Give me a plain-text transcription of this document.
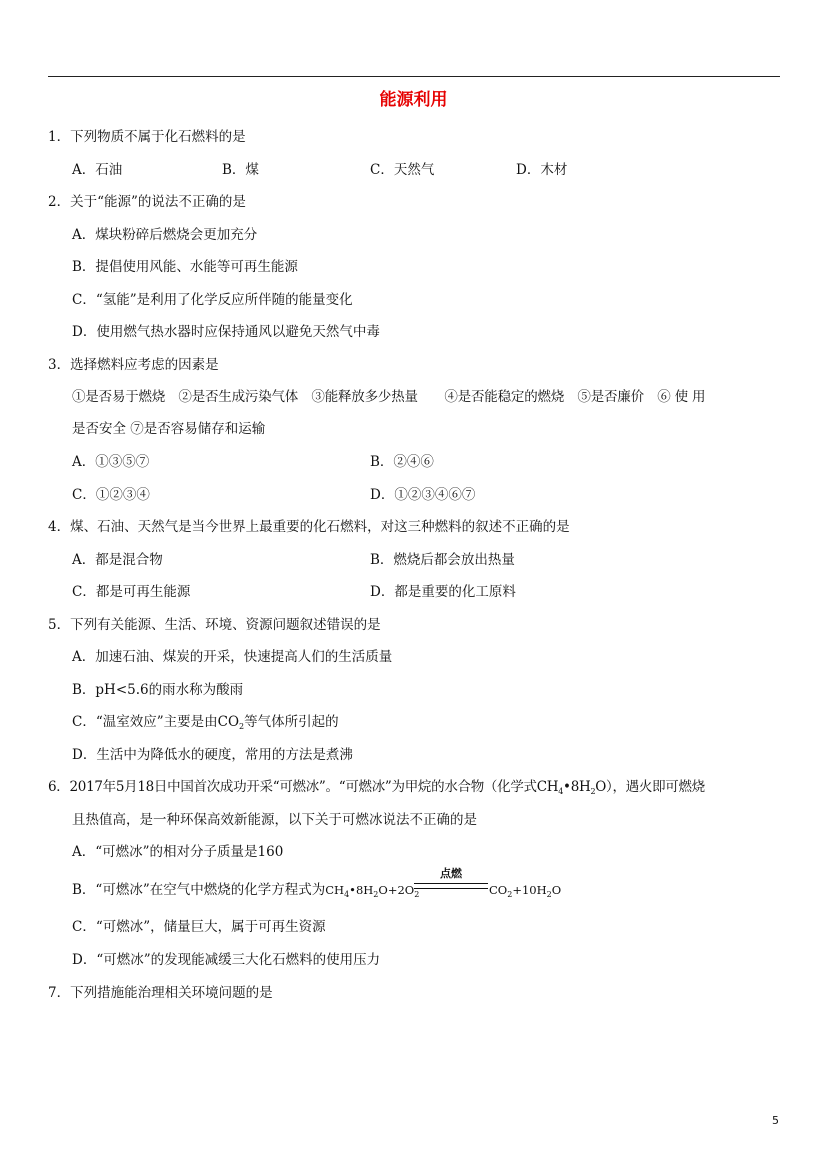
能源利用
1．下列物质不属于化石燃料的是
A．石油	B．煤	C．天然气	D．木材
2．关于“能源”的说法不正确的是
A．煤块粉碎后燃烧会更加充分
B．提倡使用风能、水能等可再生能源
C．“氢能”是利用了化学反应所伴随的能量变化
D．使用燃气热水器时应保持通风以避免天然气中毒
3．选择燃料应考虑的因素是
①是否易于燃烧　②是否生成污染气体　③能释放多少热量　　④是否能稳定的燃烧　⑤是否廉价　⑥ 使 用
是否安全 ⑦是否容易储存和运输
A．①③⑤⑦	B．②④⑥
C．①②③④	D．①②③④⑥⑦
4．煤、石油、天然气是当今世界上最重要的化石燃料，对这三种燃料的叙述不正确的是
A．都是混合物	B．燃烧后都会放出热量
C．都是可再生能源	D．都是重要的化工原料
5．下列有关能源、生活、环境、资源问题叙述错误的是
A．加速石油、煤炭的开采，快速提高人们的生活质量
B．pH<5.6的雨水称为酸雨
C．“温室效应”主要是由$CO_2$等气体所引起的
D．生活中为降低水的硬度，常用的方法是煮沸
6．2017年5月18日中国首次成功开采“可燃冰”。“可燃冰”为甲烷的水合物（化学式$CH_4•8H_2O$），遇火即可燃烧
且热值高，是一种环保高效新能源，以下关于可燃冰说法不正确的是
A．“可燃冰”的相对分子质量是160
B．“可燃冰”在空气中燃烧的化学方程式为$CH_4•8H_2O+2O_2$
点燃
$CO_2+10H_2O$
C．“可燃冰”，储量巨大，属于可再生资源
D．“可燃冰”的发现能减缓三大化石燃料的使用压力
7．下列措施能治理相关环境问题的是
5
